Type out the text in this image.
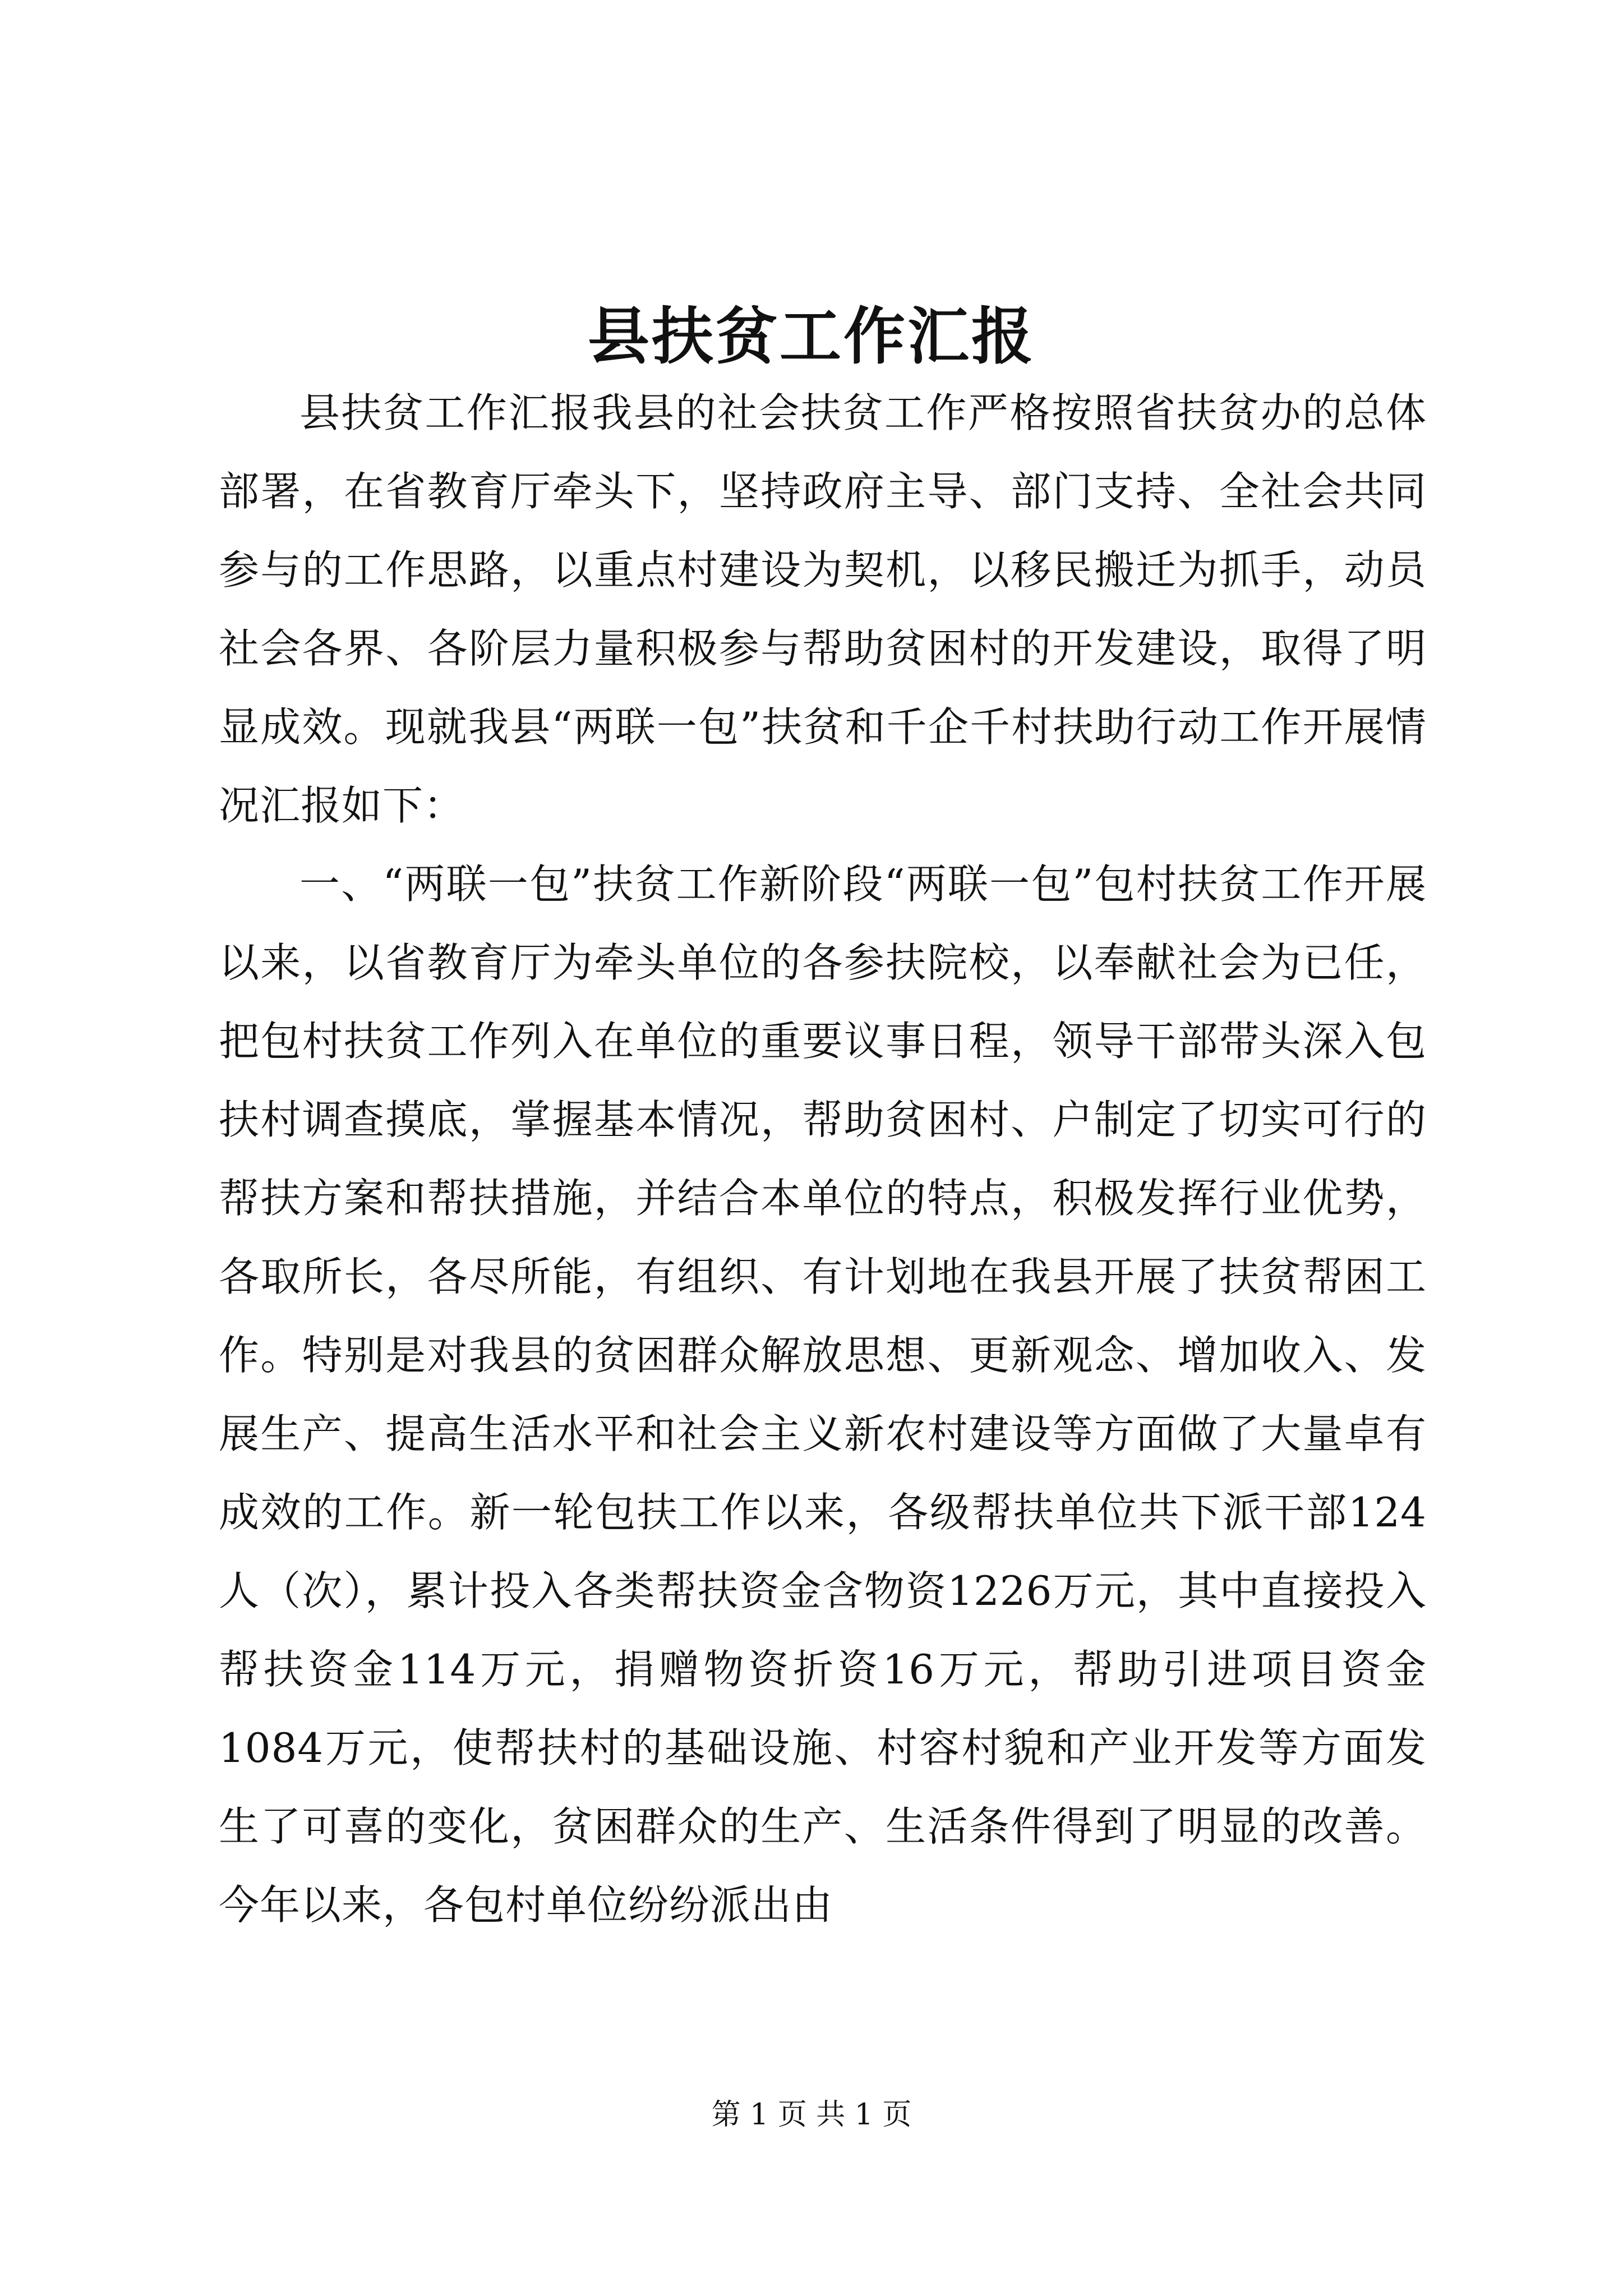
县扶贫工作汇报

县扶贫工作汇报我县的社会扶贫工作严格按照省扶贫办的总体部署，在省教育厅牵头下，坚持政府主导、部门支持、全社会共同参与的工作思路，以重点村建设为契机，以移民搬迁为抓手，动员社会各界、各阶层力量积极参与帮助贫困村的开发建设，取得了明显成效。现就我县“两联一包”扶贫和千企千村扶助行动工作开展情况汇报如下：

一、“两联一包”扶贫工作新阶段“两联一包”包村扶贫工作开展以来，以省教育厅为牵头单位的各参扶院校，以奉献社会为已任，把包村扶贫工作列入在单位的重要议事日程，领导干部带头深入包扶村调查摸底，掌握基本情况，帮助贫困村、户制定了切实可行的帮扶方案和帮扶措施，并结合本单位的特点，积极发挥行业优势，各取所长，各尽所能，有组织、有计划地在我县开展了扶贫帮困工作。特别是对我县的贫困群众解放思想、更新观念、增加收入、发展生产、提高生活水平和社会主义新农村建设等方面做了大量卓有成效的工作。新一轮包扶工作以来，各级帮扶单位共下派干部124人（次），累计投入各类帮扶资金含物资1226万元，其中直接投入帮扶资金114万元，捐赠物资折资16万元，帮助引进项目资金1084万元，使帮扶村的基础设施、村容村貌和产业开发等方面发生了可喜的变化，贫困群众的生产、生活条件得到了明显的改善。今年以来，各包村单位纷纷派出由

第 1 页 共 1 页
